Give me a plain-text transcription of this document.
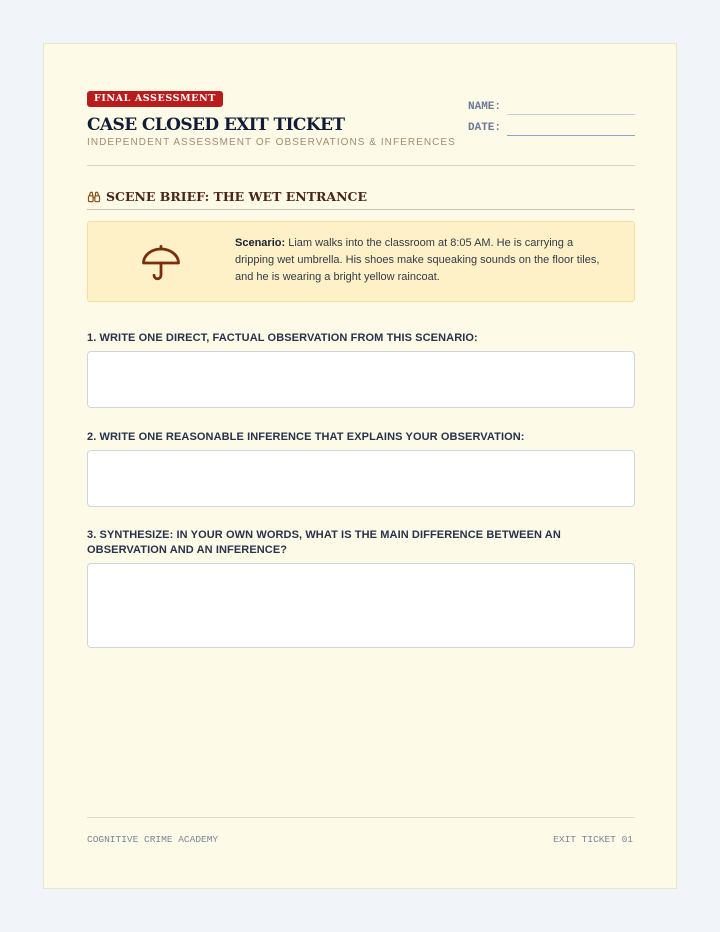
FINAL ASSESSMENT
CASE CLOSED EXIT TICKET
INDEPENDENT ASSESSMENT OF OBSERVATIONS & INFERENCES
NAME:
DATE:
SCENE BRIEF: THE WET ENTRANCE
Scenario: Liam walks into the classroom at 8:05 AM. He is carrying a dripping wet umbrella. His shoes make squeaking sounds on the floor tiles, and he is wearing a bright yellow raincoat.
1. WRITE ONE DIRECT, FACTUAL OBSERVATION FROM THIS SCENARIO:
2. WRITE ONE REASONABLE INFERENCE THAT EXPLAINS YOUR OBSERVATION:
3. SYNTHESIZE: IN YOUR OWN WORDS, WHAT IS THE MAIN DIFFERENCE BETWEEN AN OBSERVATION AND AN INFERENCE?
COGNITIVE CRIME ACADEMY	EXIT TICKET 01
